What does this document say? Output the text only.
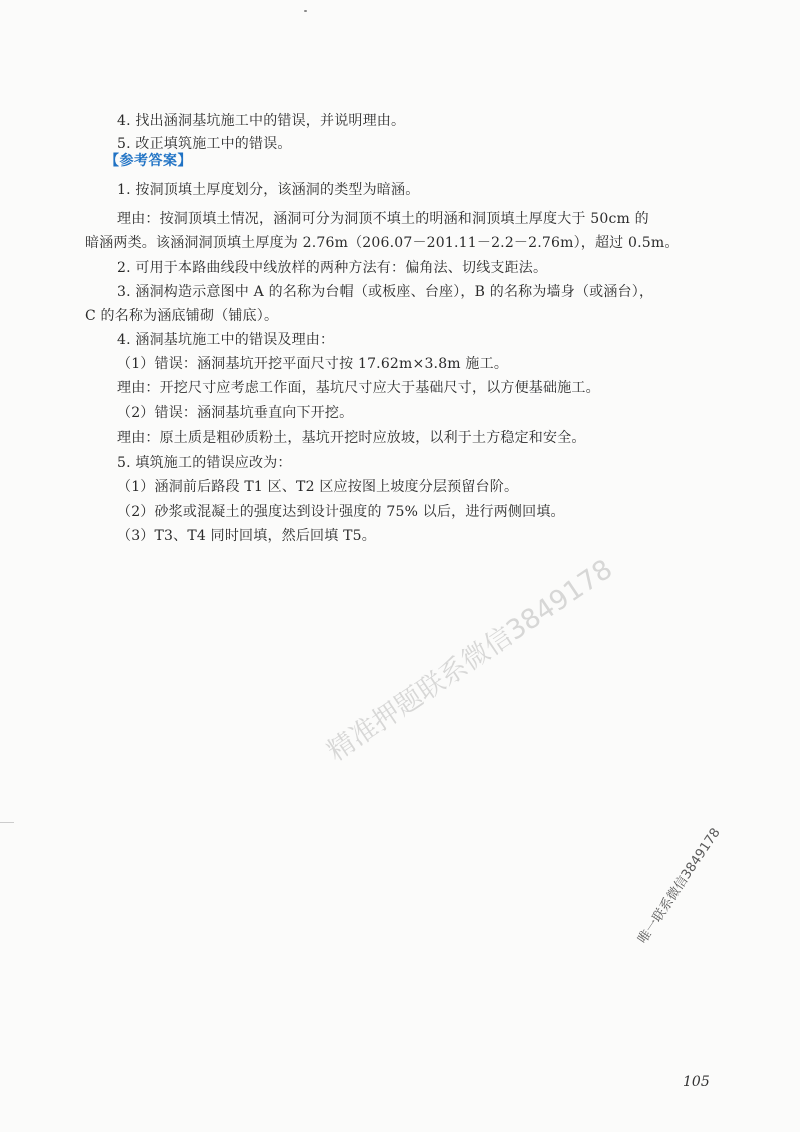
4. 找出涵洞基坑施工中的错误，并说明理由。
5. 改正填筑施工中的错误。
【参考答案】
1. 按洞顶填土厚度划分，该涵洞的类型为暗涵。
理由：按洞顶填土情况，涵洞可分为洞顶不填土的明涵和洞顶填土厚度大于 50cm 的
暗涵两类。该涵洞洞顶填土厚度为 2.76m（206.07－201.11－2.2－2.76m），超过 0.5m。
2. 可用于本路曲线段中线放样的两种方法有：偏角法、切线支距法。
3. 涵洞构造示意图中 A 的名称为台帽（或板座、台座），B 的名称为墙身（或涵台），
C 的名称为涵底铺砌（铺底）。
4. 涵洞基坑施工中的错误及理由：
（1）错误：涵洞基坑开挖平面尺寸按 17.62m×3.8m 施工。
理由：开挖尺寸应考虑工作面，基坑尺寸应大于基础尺寸，以方便基础施工。
（2）错误：涵洞基坑垂直向下开挖。
理由：原土质是粗砂质粉土，基坑开挖时应放坡，以利于土方稳定和安全。
5. 填筑施工的错误应改为：
（1）涵洞前后路段 T1 区、T2 区应按图上坡度分层预留台阶。
（2）砂浆或混凝土的强度达到设计强度的 75% 以后，进行两侧回填。
（3）T3、T4 同时回填，然后回填 T5。
精准押题联系微信3849178
唯一联系微信3849178
105
